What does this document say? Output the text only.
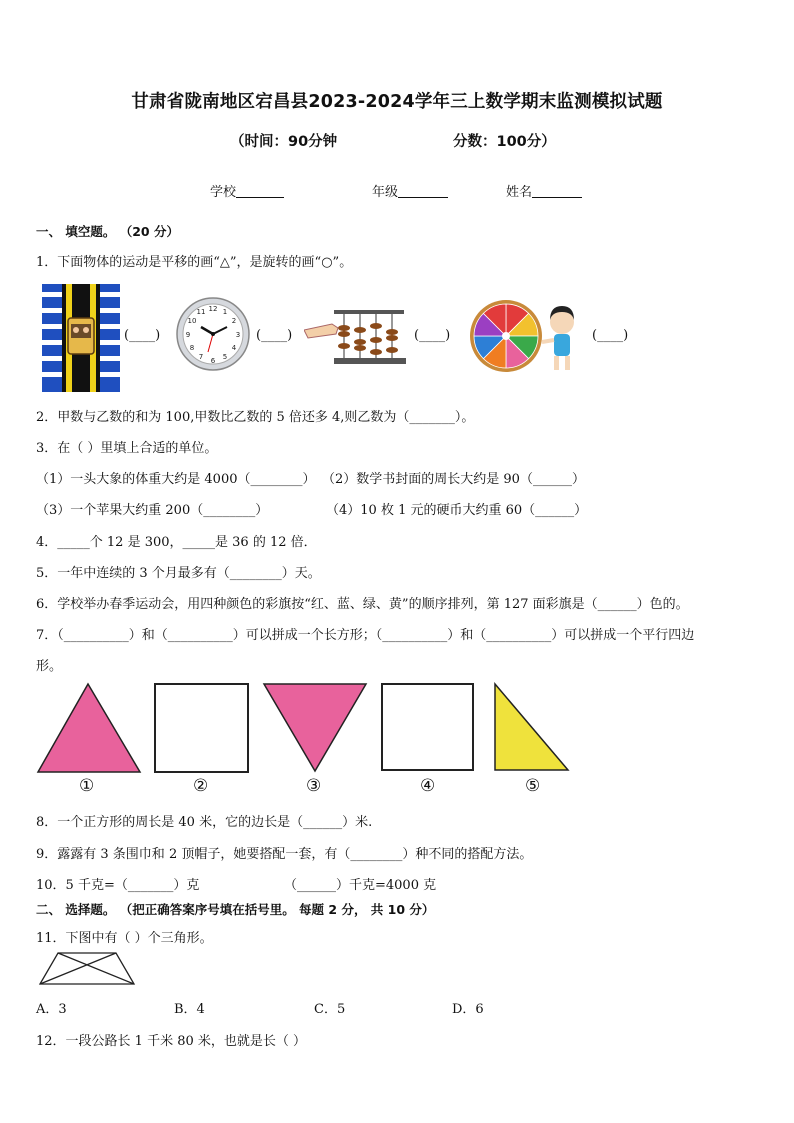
甘肃省陇南地区宕昌县2023-2024学年三上数学期末监测模拟试题
（时间：90分钟	分数：100分）
学校	年级	姓名
一、 填空题。 （20 分）
1．下面物体的运动是平移的画“△”，是旋转的画“○”。
(____)
12 1
2
3
4
5
6
7
8
9
10
11
(____)	(____)	(____)
2．甲数与乙数的和为 100,甲数比乙数的 5 倍还多 4,则乙数为（_______）。
3．在（ ）里填上合适的单位。
（1）一头大象的体重大约是 4000（________） （2）数学书封面的周长大约是 90（______）
（3）一个苹果大约重 200（________）	（4）10 枚 1 元的硬币大约重 60（______）
4．_____个 12 是 300，_____是 36 的 12 倍．
5．一年中连续的 3 个月最多有（________）天。
6．学校举办春季运动会，用四种颜色的彩旗按“红、蓝、绿、黄”的顺序排列，第 127 面彩旗是（______）色的。
7．（__________）和（__________）可以拼成一个长方形；（__________）和（__________）可以拼成一个平行四边
形。
①	②	③	④	⑤
8．一个正方形的周长是 40 米，它的边长是（______）米.
9．露露有 3 条围巾和 2 顶帽子，她要搭配一套，有（________）种不同的搭配方法。
10．5 千克=（_______）克	（______）千克=4000 克
二、 选择题。 （把正确答案序号填在括号里。 每题 2 分， 共 10 分）
11．下图中有（ ）个三角形。
A．3	B．4	C．5	D．6
12．一段公路长 1 千米 80 米，也就是长（ ）
